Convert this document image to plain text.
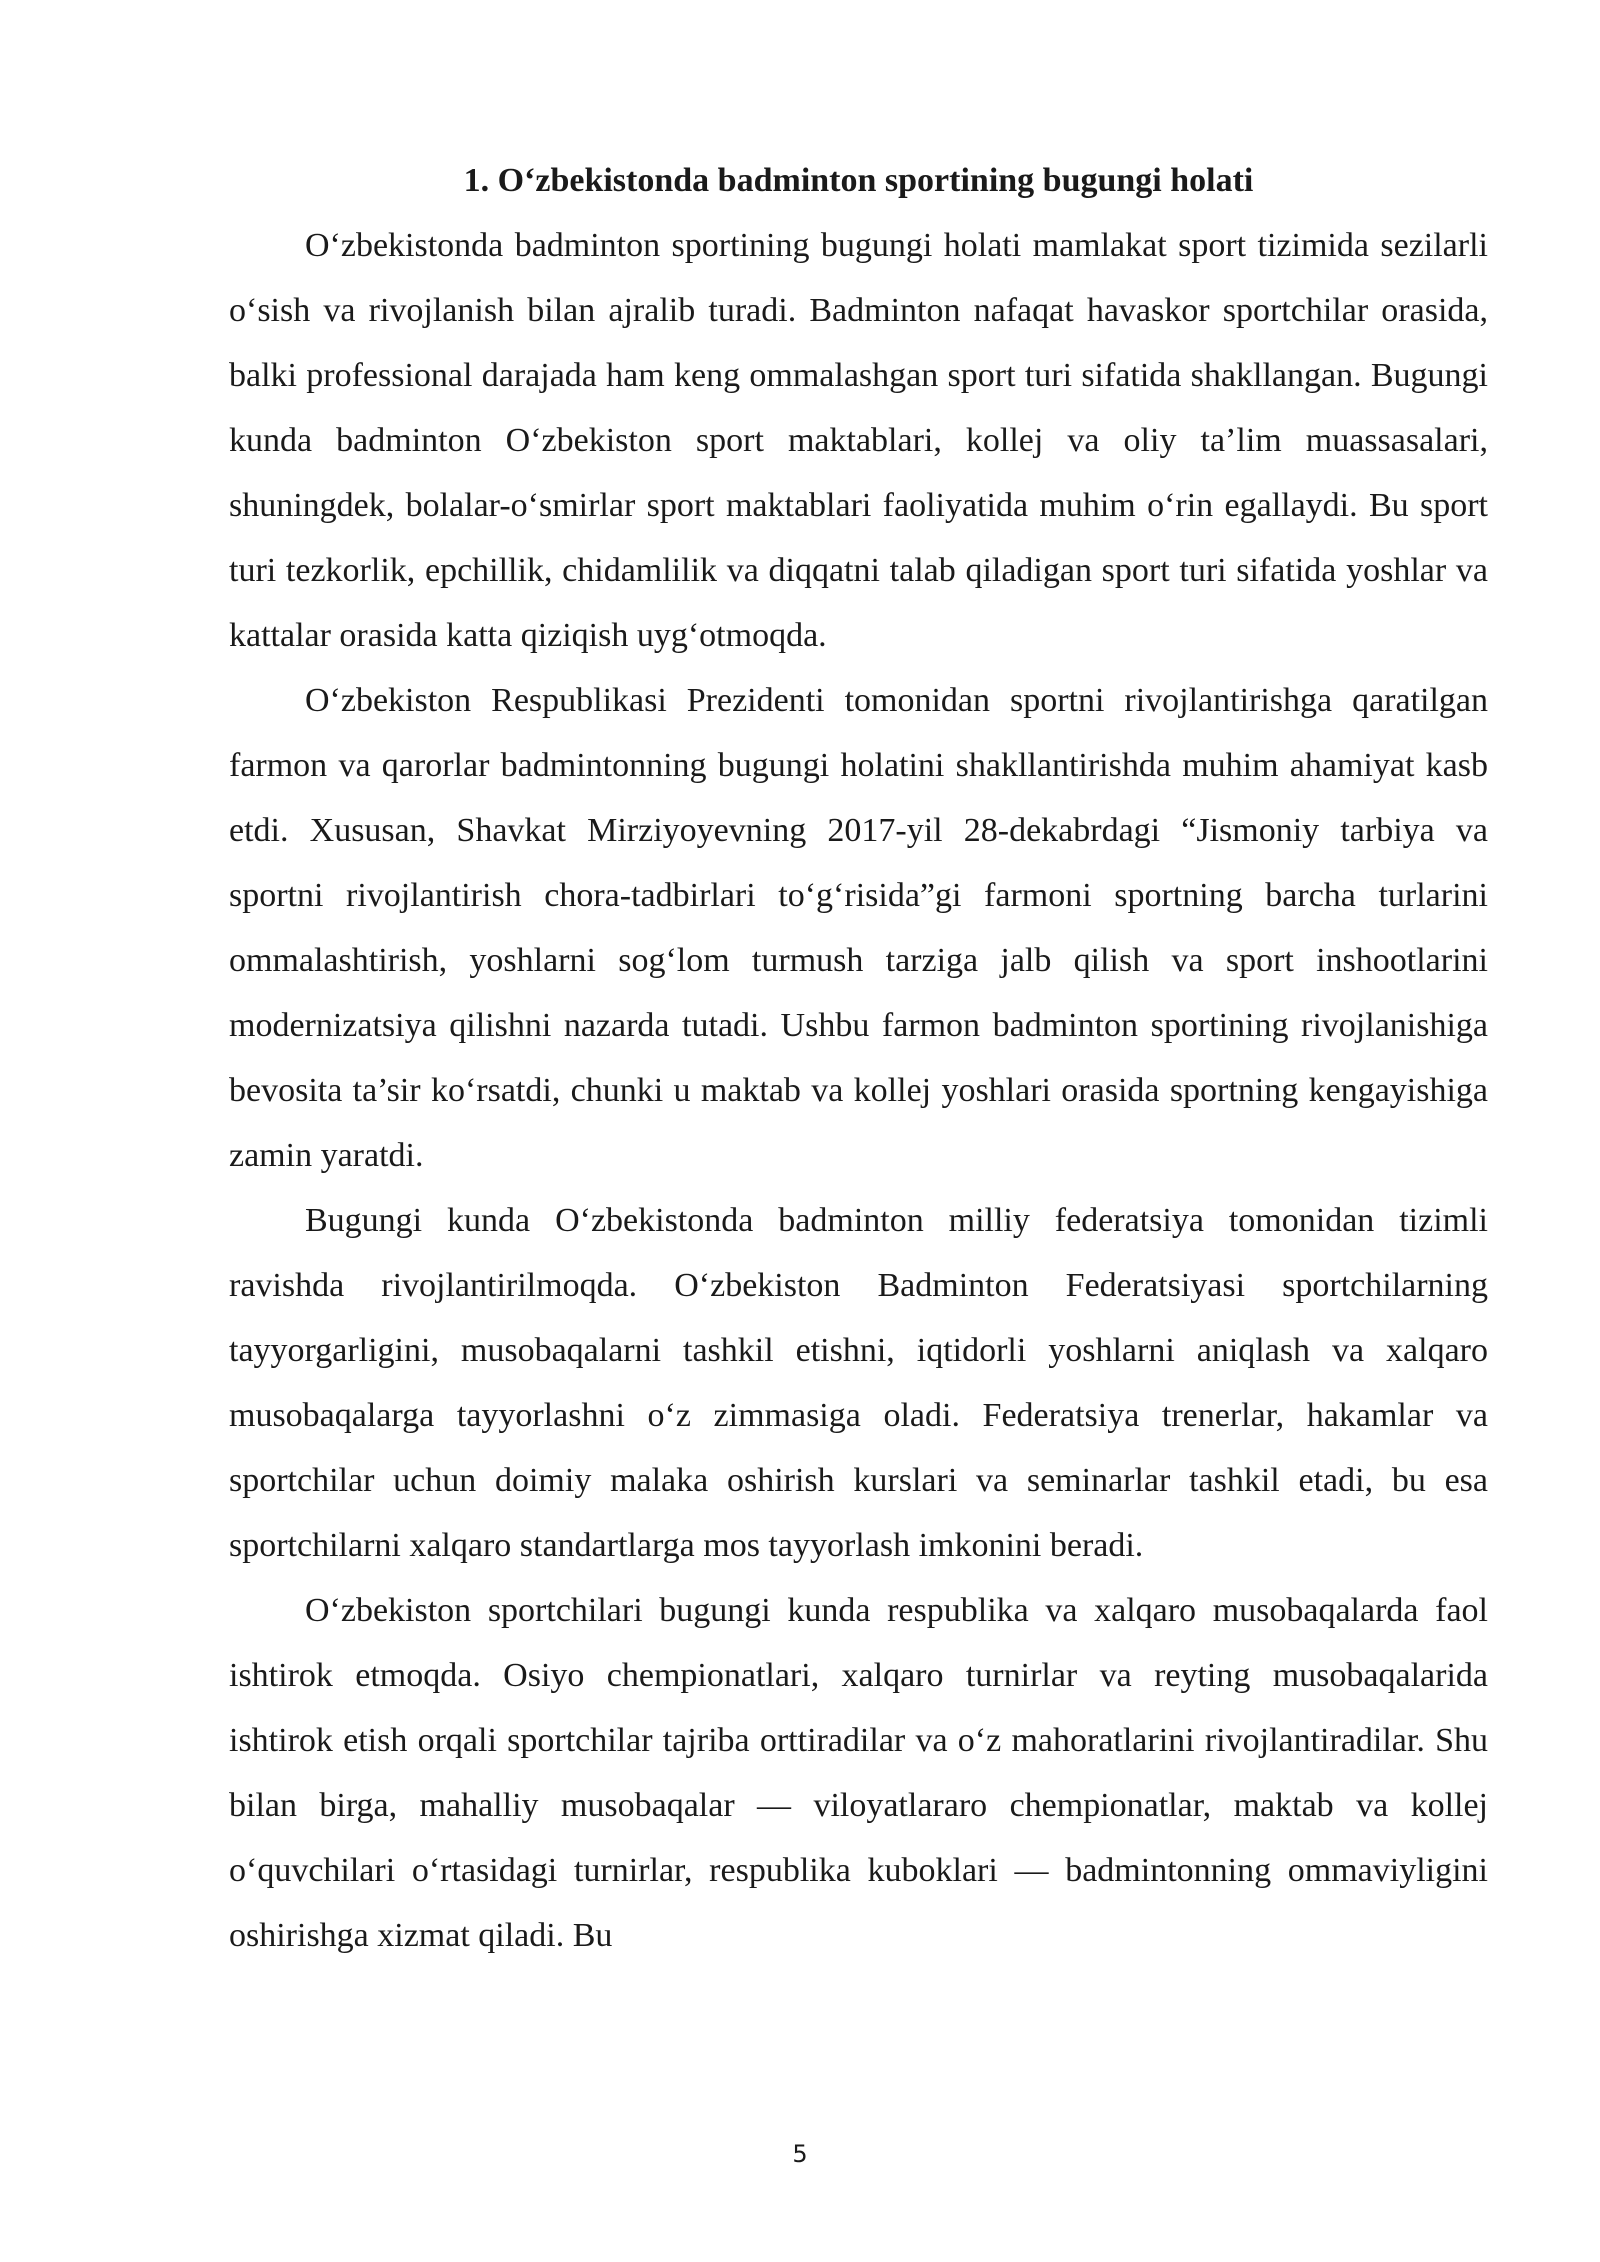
1. O‘zbekistonda badminton sportining bugungi holati

O‘zbekistonda badminton sportining bugungi holati mamlakat sport tizimida sezilarli o‘sish va rivojlanish bilan ajralib turadi. Badminton nafaqat havaskor sportchilar orasida, balki professional darajada ham keng ommalashgan sport turi sifatida shakllangan. Bugungi kunda badminton O‘zbekiston sport maktablari, kollej va oliy ta’lim muassasalari, shuningdek, bolalar-o‘smirlar sport maktablari faoliyatida muhim o‘rin egallaydi. Bu sport turi tezkorlik, epchillik, chidamlilik va diqqatni talab qiladigan sport turi sifatida yoshlar va kattalar orasida katta qiziqish uyg‘otmoqda.

O‘zbekiston Respublikasi Prezidenti tomonidan sportni rivojlantirishga qaratilgan farmon va qarorlar badmintonning bugungi holatini shakllantirishda muhim ahamiyat kasb etdi. Xususan, Shavkat Mirziyoyevning 2017-yil 28-dekabrdagi “Jismoniy tarbiya va sportni rivojlantirish chora-tadbirlari to‘g‘risida”gi farmoni sportning barcha turlarini ommalashtirish, yoshlarni sog‘lom turmush tarziga jalb qilish va sport inshootlarini modernizatsiya qilishni nazarda tutadi. Ushbu farmon badminton sportining rivojlanishiga bevosita ta’sir ko‘rsatdi, chunki u maktab va kollej yoshlari orasida sportning kengayishiga zamin yaratdi.

Bugungi kunda O‘zbekistonda badminton milliy federatsiya tomonidan tizimli ravishda rivojlantirilmoqda. O‘zbekiston Badminton Federatsiyasi sportchilarning tayyorgarligini, musobaqalarni tashkil etishni, iqtidorli yoshlarni aniqlash va xalqaro musobaqalarga tayyorlashni o‘z zimmasiga oladi. Federatsiya trenerlar, hakamlar va sportchilar uchun doimiy malaka oshirish kurslari va seminarlar tashkil etadi, bu esa sportchilarni xalqaro standartlarga mos tayyorlash imkonini beradi.

O‘zbekiston sportchilari bugungi kunda respublika va xalqaro musobaqalarda faol ishtirok etmoqda. Osiyo chempionatlari, xalqaro turnirlar va reyting musobaqalarida ishtirok etish orqali sportchilar tajriba orttiradilar va o‘z mahoratlarini rivojlantiradilar. Shu bilan birga, mahalliy musobaqalar — viloyatlararo chempionatlar, maktab va kollej o‘quvchilari o‘rtasidagi turnirlar, respublika kuboklari — badmintonning ommaviyligini oshirishga xizmat qiladi. Bu

5
